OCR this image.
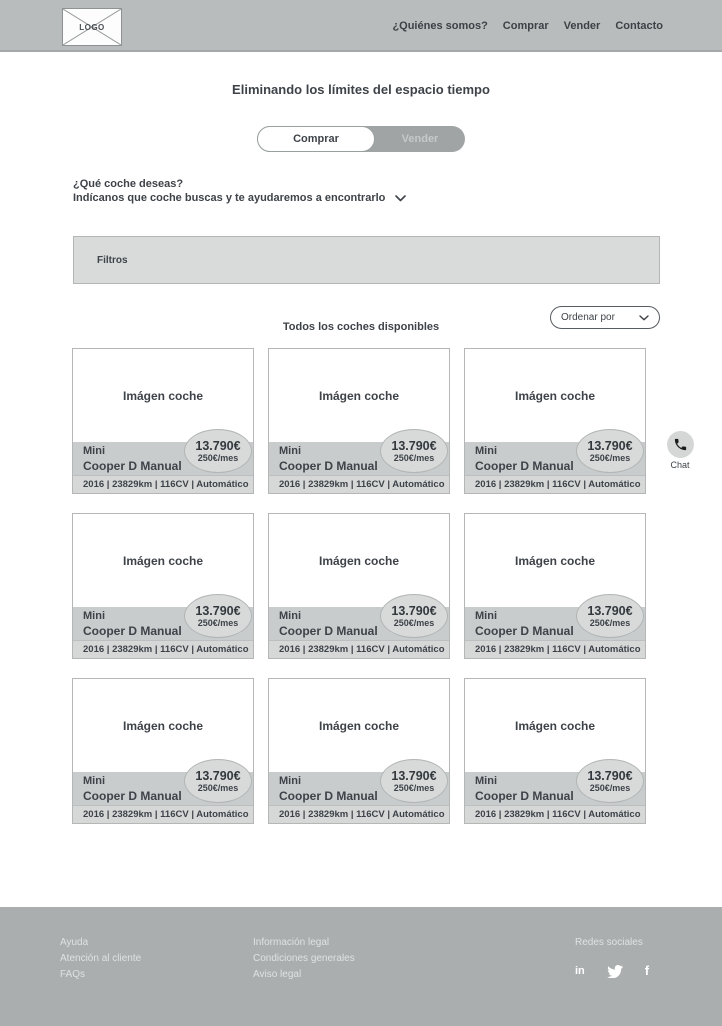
LOGO	¿Quiénes somos? Comprar Vender Contacto
Eliminando los límites del espacio tiempo
Comprar	Vender
¿Qué coche deseas?
Indícanos que coche buscas y te ayudaremos a encontrarlo
Filtros
Todos los coches disponibles
Ordenar por
Imágen coche
Mini
Cooper D Manual
2016 | 23829km | 116CV | Automático
13.790€
250€/mes
Imágen coche
Mini
Cooper D Manual
2016 | 23829km | 116CV | Automático
13.790€
250€/mes
Imágen coche
Mini
Cooper D Manual
2016 | 23829km | 116CV | Automático
13.790€
250€/mes
Imágen coche
Mini
Cooper D Manual
2016 | 23829km | 116CV | Automático
13.790€
250€/mes
Imágen coche
Mini
Cooper D Manual
2016 | 23829km | 116CV | Automático
13.790€
250€/mes
Imágen coche
Mini
Cooper D Manual
2016 | 23829km | 116CV | Automático
13.790€
250€/mes
Imágen coche
Mini
Cooper D Manual
2016 | 23829km | 116CV | Automático
13.790€
250€/mes
Imágen coche
Mini
Cooper D Manual
2016 | 23829km | 116CV | Automático
13.790€
250€/mes
Imágen coche
Mini
Cooper D Manual
2016 | 23829km | 116CV | Automático
13.790€
250€/mes
Chat
Ayuda
Atención al cliente
FAQs
Información legal
Condiciones generales
Aviso legal
Redes sociales
in	f
